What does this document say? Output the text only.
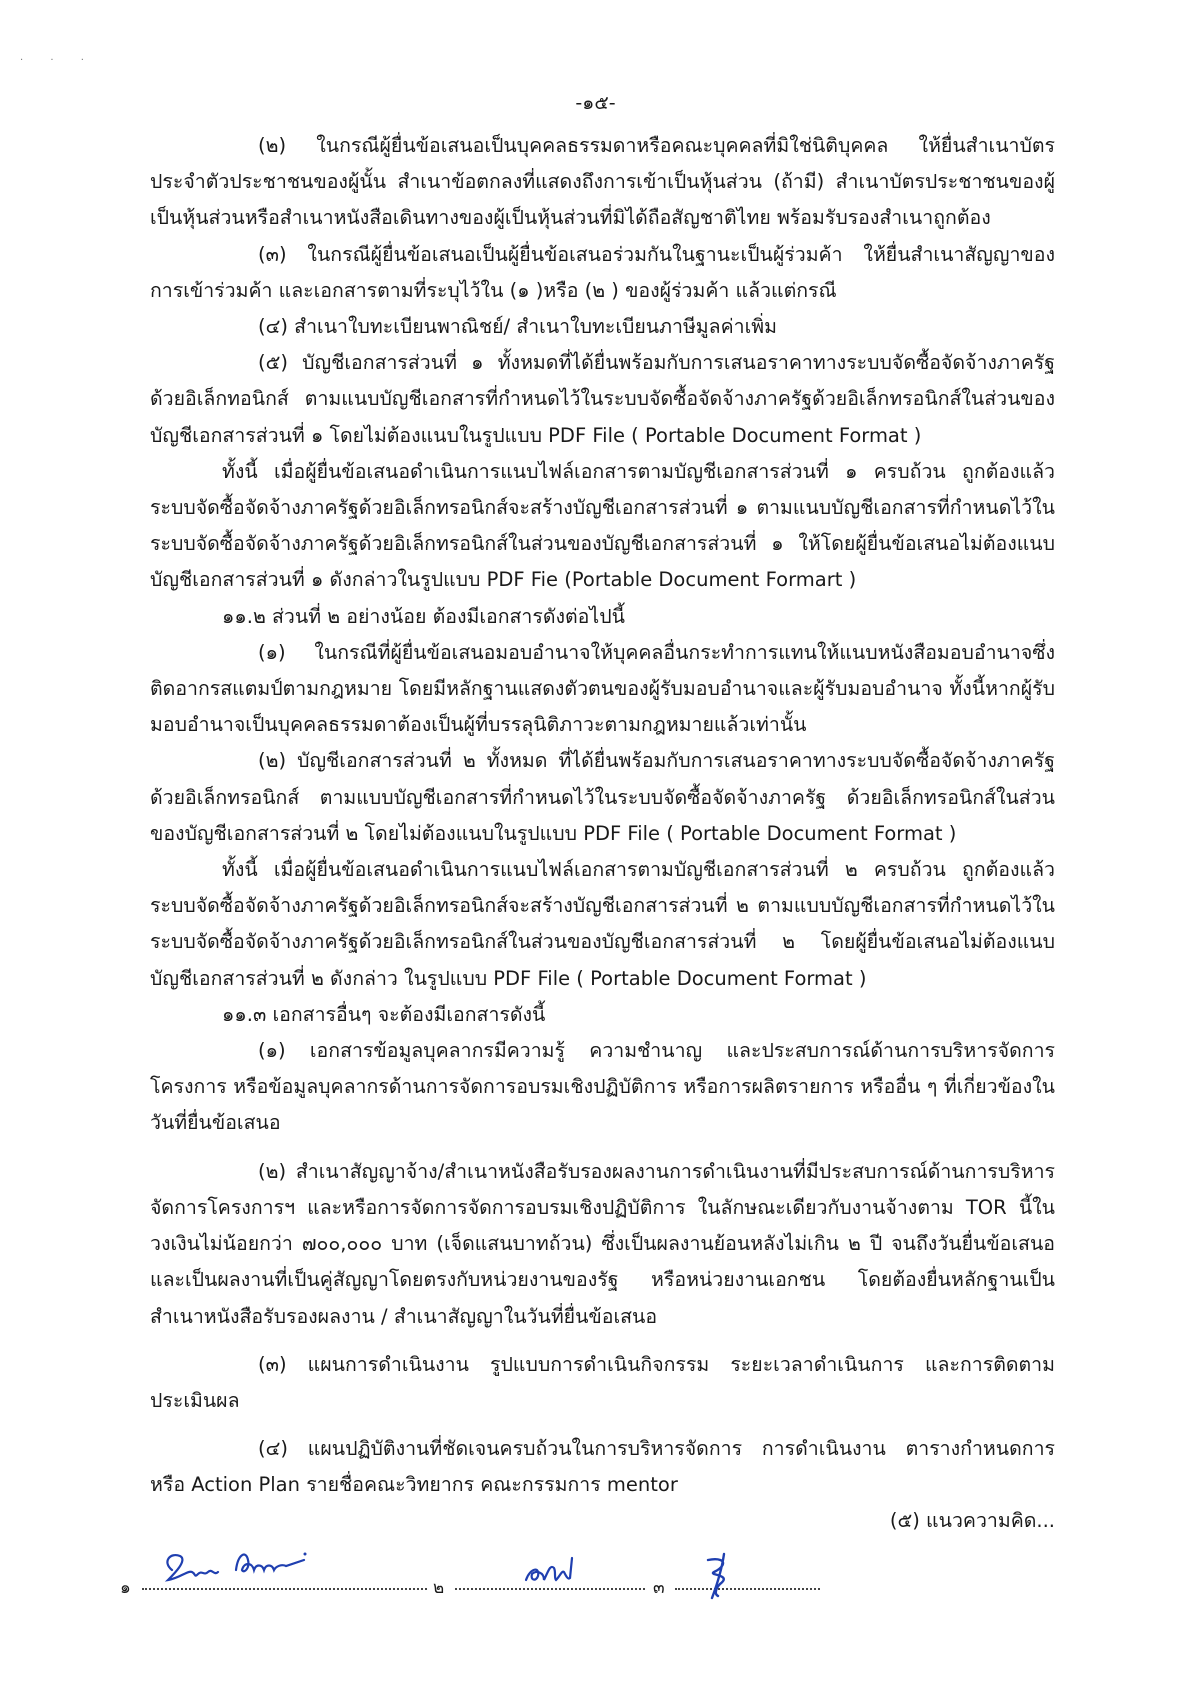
· · ·
-๑๕-

(๒) ในกรณีผู้ยื่นข้อเสนอเป็นบุคคลธรรมดาหรือคณะบุคคลที่มิใช่นิติบุคคล ให้ยื่นสำเนาบัตรประจำตัวประชาชนของผู้นั้น สำเนาข้อตกลงที่แสดงถึงการเข้าเป็นหุ้นส่วน (ถ้ามี) สำเนาบัตรประชาชนของผู้เป็นหุ้นส่วนหรือสำเนาหนังสือเดินทางของผู้เป็นหุ้นส่วนที่มิได้ถือสัญชาติไทย พร้อมรับรองสำเนาถูกต้อง

(๓) ในกรณีผู้ยื่นข้อเสนอเป็นผู้ยื่นข้อเสนอร่วมกันในฐานะเป็นผู้ร่วมค้า ให้ยื่นสำเนาสัญญาของการเข้าร่วมค้า และเอกสารตามที่ระบุไว้ใน (๑ )หรือ (๒ ) ของผู้ร่วมค้า แล้วแต่กรณี

(๔) สำเนาใบทะเบียนพาณิชย์/ สำเนาใบทะเบียนภาษีมูลค่าเพิ่ม

(๕) บัญชีเอกสารส่วนที่ ๑ ทั้งหมดที่ได้ยื่นพร้อมกับการเสนอราคาทางระบบจัดซื้อจัดจ้างภาครัฐด้วยอิเล็กทอนิกส์ ตามแนบบัญชีเอกสารที่กำหนดไว้ในระบบจัดซื้อจัดจ้างภาครัฐด้วยอิเล็กทรอนิกส์ในส่วนของบัญชีเอกสารส่วนที่ ๑ โดยไม่ต้องแนบในรูปแบบ PDF File ( Portable Document Format )

ทั้งนี้ เมื่อผู้ยื่นข้อเสนอดำเนินการแนบไฟล์เอกสารตามบัญชีเอกสารส่วนที่ ๑ ครบถ้วน ถูกต้องแล้ว ระบบจัดซื้อจัดจ้างภาครัฐด้วยอิเล็กทรอนิกส์จะสร้างบัญชีเอกสารส่วนที่ ๑ ตามแนบบัญชีเอกสารที่กำหนดไว้ในระบบจัดซื้อจัดจ้างภาครัฐด้วยอิเล็กทรอนิกส์ในส่วนของบัญชีเอกสารส่วนที่ ๑ ให้โดยผู้ยื่นข้อเสนอไม่ต้องแนบบัญชีเอกสารส่วนที่ ๑ ดังกล่าวในรูปแบบ PDF Fie (Portable Document Formart )

๑๑.๒ ส่วนที่ ๒ อย่างน้อย ต้องมีเอกสารดังต่อไปนี้

(๑) ในกรณีที่ผู้ยื่นข้อเสนอมอบอำนาจให้บุคคลอื่นกระทำการแทนให้แนบหนังสือมอบอำนาจซึ่งติดอากรสแตมป์ตามกฎหมาย โดยมีหลักฐานแสดงตัวตนของผู้รับมอบอำนาจและผู้รับมอบอำนาจ ทั้งนี้หากผู้รับมอบอำนาจเป็นบุคคลธรรมดาต้องเป็นผู้ที่บรรลุนิติภาวะตามกฎหมายแล้วเท่านั้น

(๒) บัญชีเอกสารส่วนที่ ๒ ทั้งหมด ที่ได้ยื่นพร้อมกับการเสนอราคาทางระบบจัดซื้อจัดจ้างภาครัฐด้วยอิเล็กทรอนิกส์ ตามแบบบัญชีเอกสารที่กำหนดไว้ในระบบจัดซื้อจัดจ้างภาครัฐ ด้วยอิเล็กทรอนิกส์ในส่วนของบัญชีเอกสารส่วนที่ ๒ โดยไม่ต้องแนบในรูปแบบ PDF File ( Portable Document Format )

ทั้งนี้ เมื่อผู้ยื่นข้อเสนอดำเนินการแนบไฟล์เอกสารตามบัญชีเอกสารส่วนที่ ๒ ครบถ้วน ถูกต้องแล้ว ระบบจัดซื้อจัดจ้างภาครัฐด้วยอิเล็กทรอนิกส์จะสร้างบัญชีเอกสารส่วนที่ ๒ ตามแบบบัญชีเอกสารที่กำหนดไว้ในระบบจัดซื้อจัดจ้างภาครัฐด้วยอิเล็กทรอนิกส์ในส่วนของบัญชีเอกสารส่วนที่ ๒ โดยผู้ยื่นข้อเสนอไม่ต้องแนบบัญชีเอกสารส่วนที่ ๒ ดังกล่าว ในรูปแบบ PDF File ( Portable Document Format )

๑๑.๓ เอกสารอื่นๆ จะต้องมีเอกสารดังนี้

(๑) เอกสารข้อมูลบุคลากรมีความรู้ ความชำนาญ และประสบการณ์ด้านการบริหารจัดการโครงการ หรือข้อมูลบุคลากรด้านการจัดการอบรมเชิงปฏิบัติการ หรือการผลิตรายการ หรืออื่น ๆ ที่เกี่ยวข้องในวันที่ยื่นข้อเสนอ

(๒) สำเนาสัญญาจ้าง/สำเนาหนังสือรับรองผลงานการดำเนินงานที่มีประสบการณ์ด้านการบริหารจัดการโครงการฯ และหรือการจัดการจัดการอบรมเชิงปฏิบัติการ ในลักษณะเดียวกับงานจ้างตาม TOR นี้ในวงเงินไม่น้อยกว่า ๗๐๐,๐๐๐ บาท (เจ็ดแสนบาทถ้วน) ซึ่งเป็นผลงานย้อนหลังไม่เกิน ๒ ปี จนถึงวันยื่นข้อเสนอ และเป็นผลงานที่เป็นคู่สัญญาโดยตรงกับหน่วยงานของรัฐ หรือหน่วยงานเอกชน โดยต้องยื่นหลักฐานเป็นสำเนาหนังสือรับรองผลงาน / สำเนาสัญญาในวันที่ยื่นข้อเสนอ

(๓) แผนการดำเนินงาน รูปแบบการดำเนินกิจกรรม ระยะเวลาดำเนินการ และการติดตามประเมินผล

(๔) แผนปฏิบัติงานที่ชัดเจนครบถ้วนในการบริหารจัดการ การดำเนินงาน ตารางกำหนดการ หรือ Action Plan รายชื่อคณะวิทยากร คณะกรรมการ mentor

(๕) แนวความคิด...
๑	๒	๓
